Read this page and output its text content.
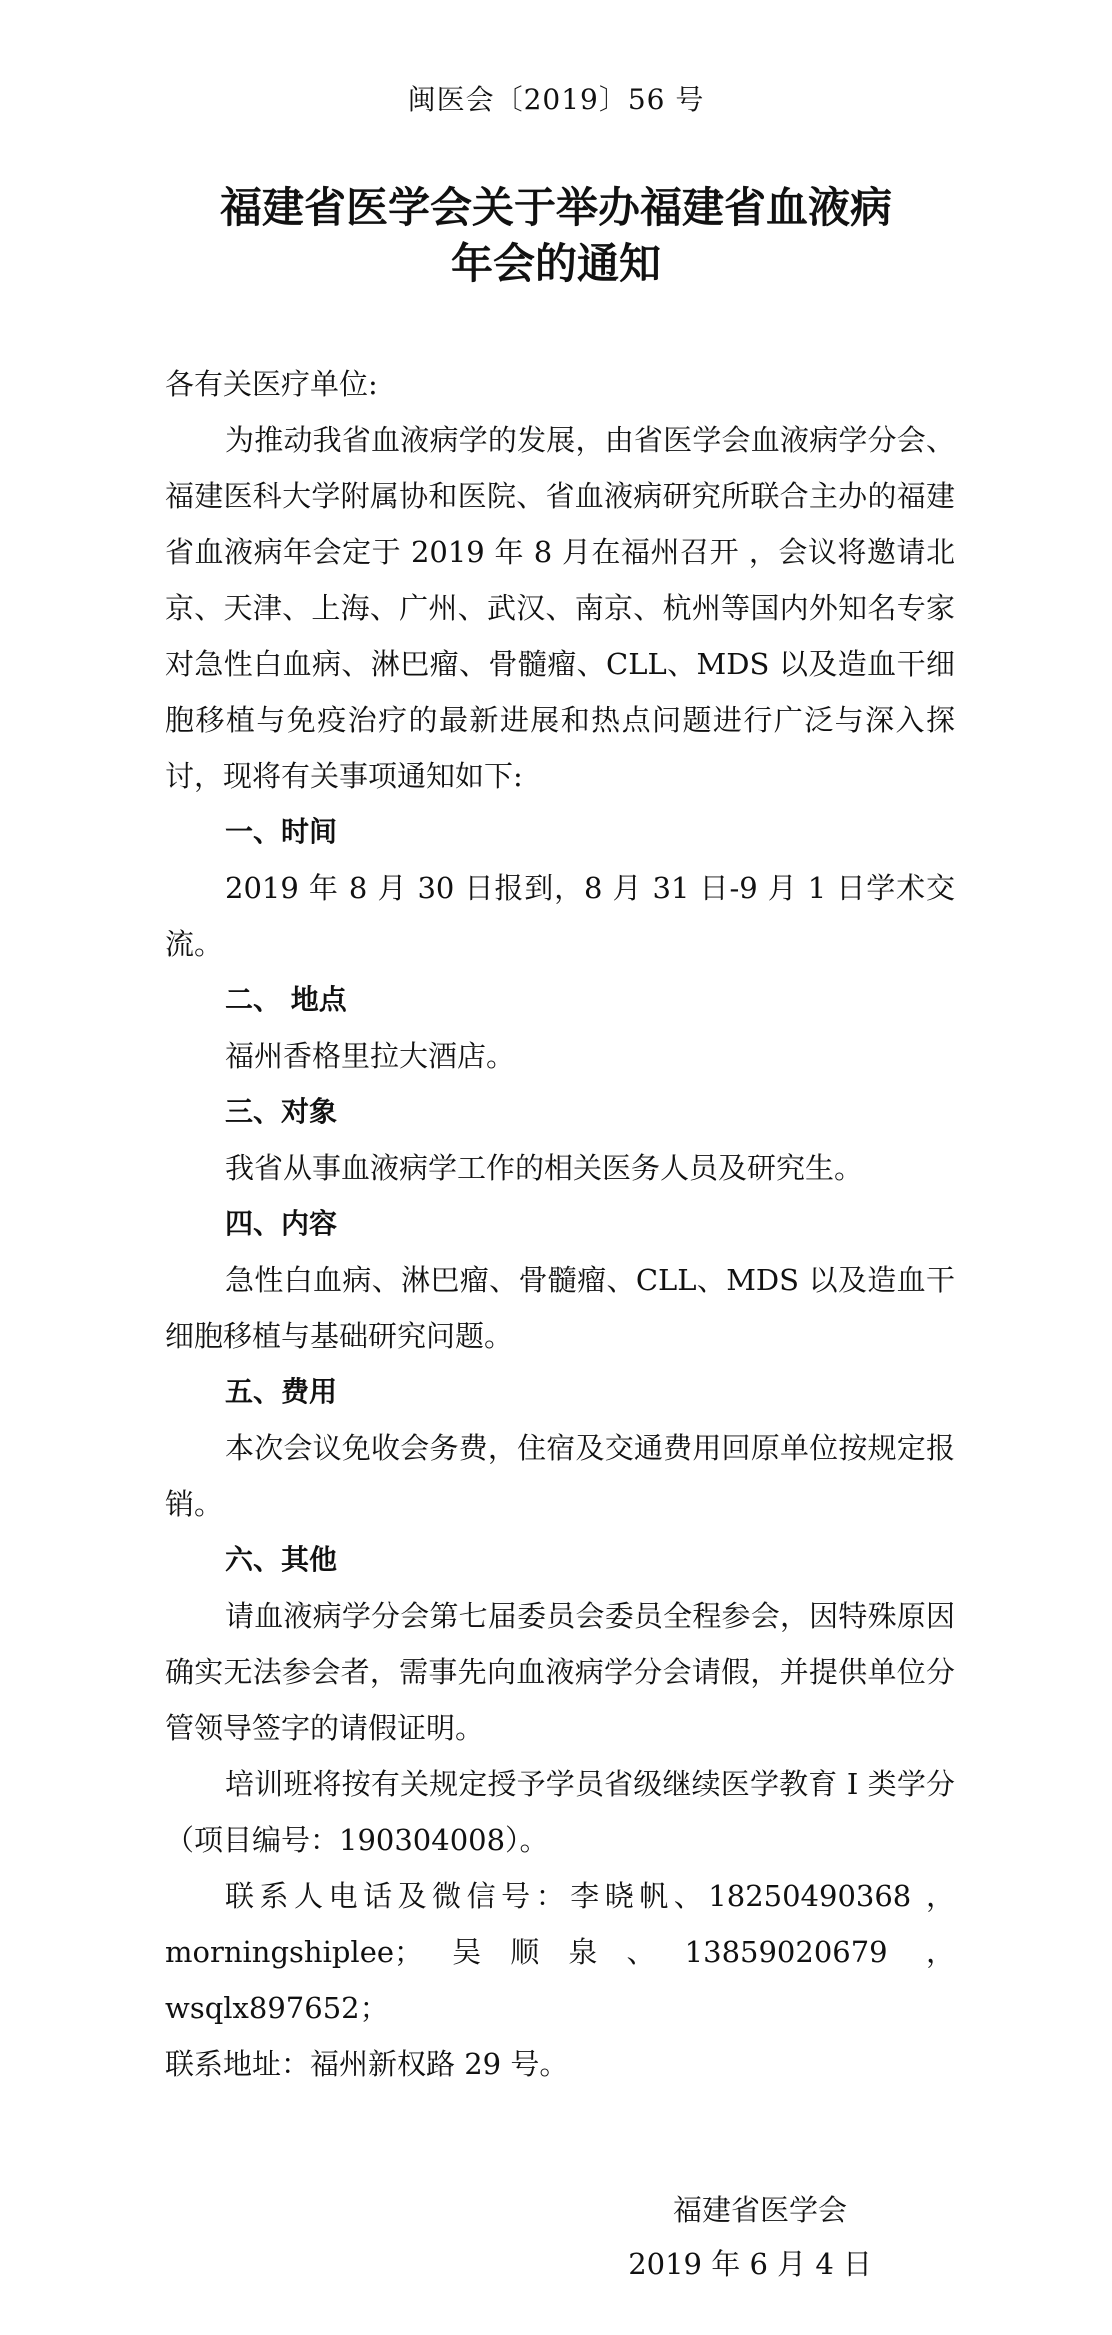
闽医会〔2019〕56 号
福建省医学会关于举办福建省血液病
年会的通知

各有关医疗单位:

为推动我省血液病学的发展，由省医学会血液病学分会、福建医科大学附属协和医院、省血液病研究所联合主办的福建省血液病年会定于 2019 年 8 月在福州召开 ，会议将邀请北京、天津、上海、广州、武汉、南京、杭州等国内外知名专家对急性白血病、淋巴瘤、骨髓瘤、CLL、MDS 以及造血干细胞移植与免疫治疗的最新进展和热点问题进行广泛与深入探讨，现将有关事项通知如下:

一、时间

2019 年 8 月 30 日报到，8 月 31 日-9 月 1 日学术交流。

二、 地点

福州香格里拉大酒店。

三、对象

我省从事血液病学工作的相关医务人员及研究生。

四、内容

急性白血病、淋巴瘤、骨髓瘤、CLL、MDS 以及造血干细胞移植与基础研究问题。

五、费用

本次会议免收会务费，住宿及交通费用回原单位按规定报销。

六、其他

请血液病学分会第七届委员会委员全程参会，因特殊原因确实无法参会者，需事先向血液病学分会请假，并提供单位分管领导签字的请假证明。

培训班将按有关规定授予学员省级继续医学教育 I 类学分（项目编号：190304008）。

联系人电话及微信号：李晓帆、18250490368 ，morningshiplee；吴顺泉、13859020679 ，wsqlx897652；

联系地址：福州新权路 29 号。

福建省医学会
2019 年 6 月 4 日
